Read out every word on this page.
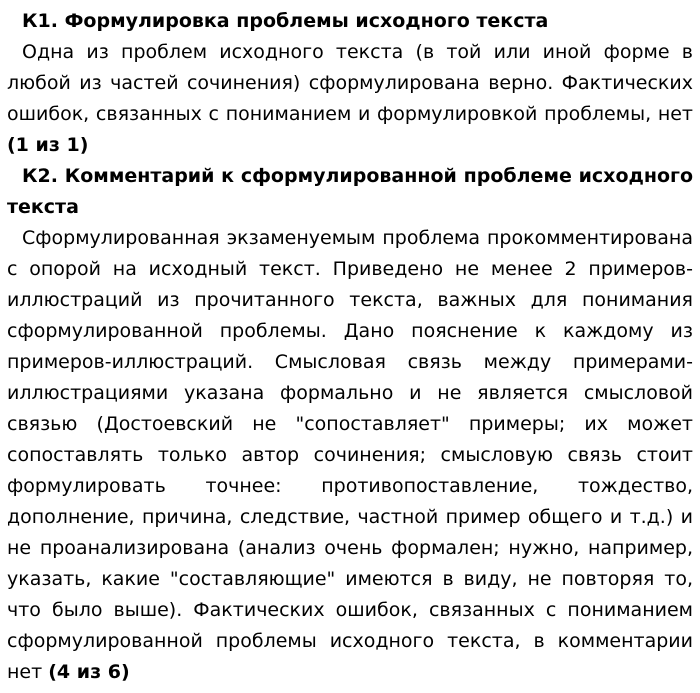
К1. Формулировка проблемы исходного текста

Одна из проблем исходного текста (в той или иной форме в любой из частей сочинения) сформулирована верно. Фактических ошибок, связанных с пониманием и формулировкой проблемы, нет (1 из 1)

К2. Комментарий к сформулированной проблеме исходного текста

Сформулированная экзаменуемым проблема прокомментирована с опорой на исходный текст. Приведено не менее 2 примеров-иллюстраций из прочитанного текста, важных для понимания сформулированной проблемы. Дано пояснение к каждому из примеров-иллюстраций. Смысловая связь между примерами-иллюстрациями указана формально и не является смысловой связью (Достоевский не "сопоставляет" примеры; их может сопоставлять только автор сочинения; смысловую связь стоит формулировать точнее: противопоставление, тождество, дополнение, причина, следствие, частной пример общего и т.д.) и не проанализирована (анализ очень формален; нужно, например, указать, какие "составляющие" имеются в виду, не повторяя то, что было выше). Фактических ошибок, связанных с пониманием сформулированной проблемы исходного текста, в комментарии нет (4 из 6)
